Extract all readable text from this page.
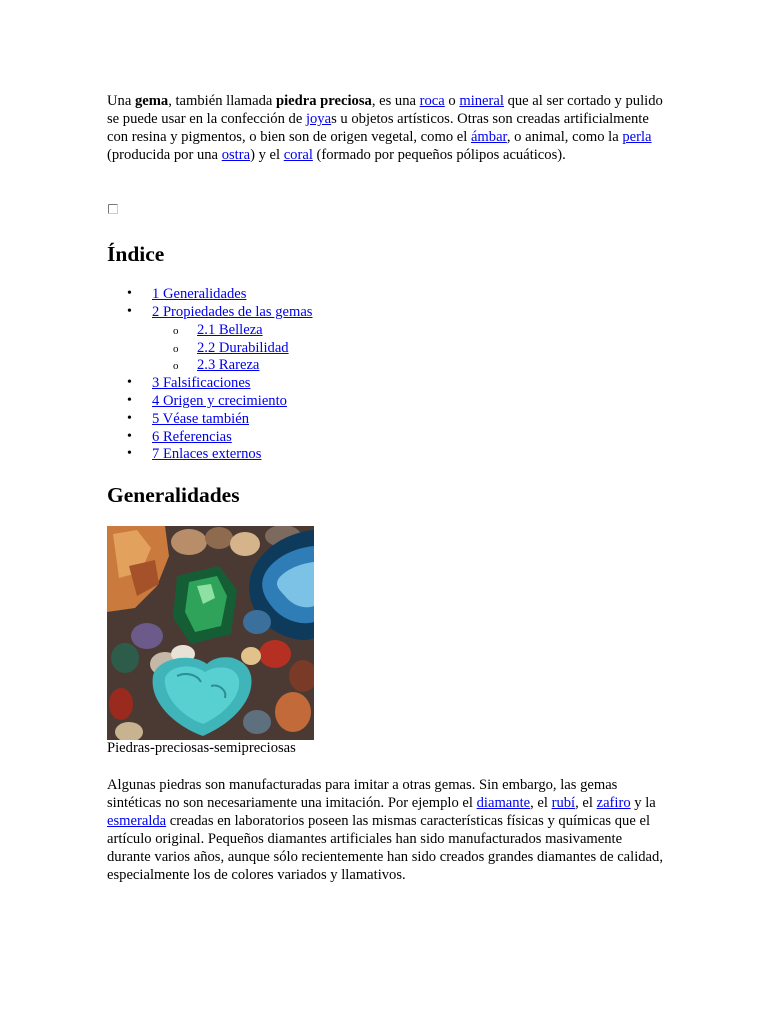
Una gema, también llamada piedra preciosa, es una roca o mineral que al ser cortado y pulido se puede usar en la confección de joyas u objetos artísticos. Otras son creadas artificialmente con resina y pigmentos, o bien son de origen vegetal, como el ámbar, o animal, como la perla (producida por una ostra) y el coral (formado por pequeños pólipos acuáticos).

Índice
• 1 Generalidades
• 2 Propiedades de las gemas
o 2.1 Belleza
o 2.2 Durabilidad
o 2.3 Rareza
• 3 Falsificaciones
• 4 Origen y crecimiento
• 5 Véase también
• 6 Referencias
• 7 Enlaces externos
Generalidades
Piedras-preciosas-semipreciosas

Algunas piedras son manufacturadas para imitar a otras gemas. Sin embargo, las gemas sintéticas no son necesariamente una imitación. Por ejemplo el diamante, el rubí, el zafiro y la esmeralda creadas en laboratorios poseen las mismas características físicas y químicas que el artículo original. Pequeños diamantes artificiales han sido manufacturados masivamente durante varios años, aunque sólo recientemente han sido creados grandes diamantes de calidad, especialmente los de colores variados y llamativos.
